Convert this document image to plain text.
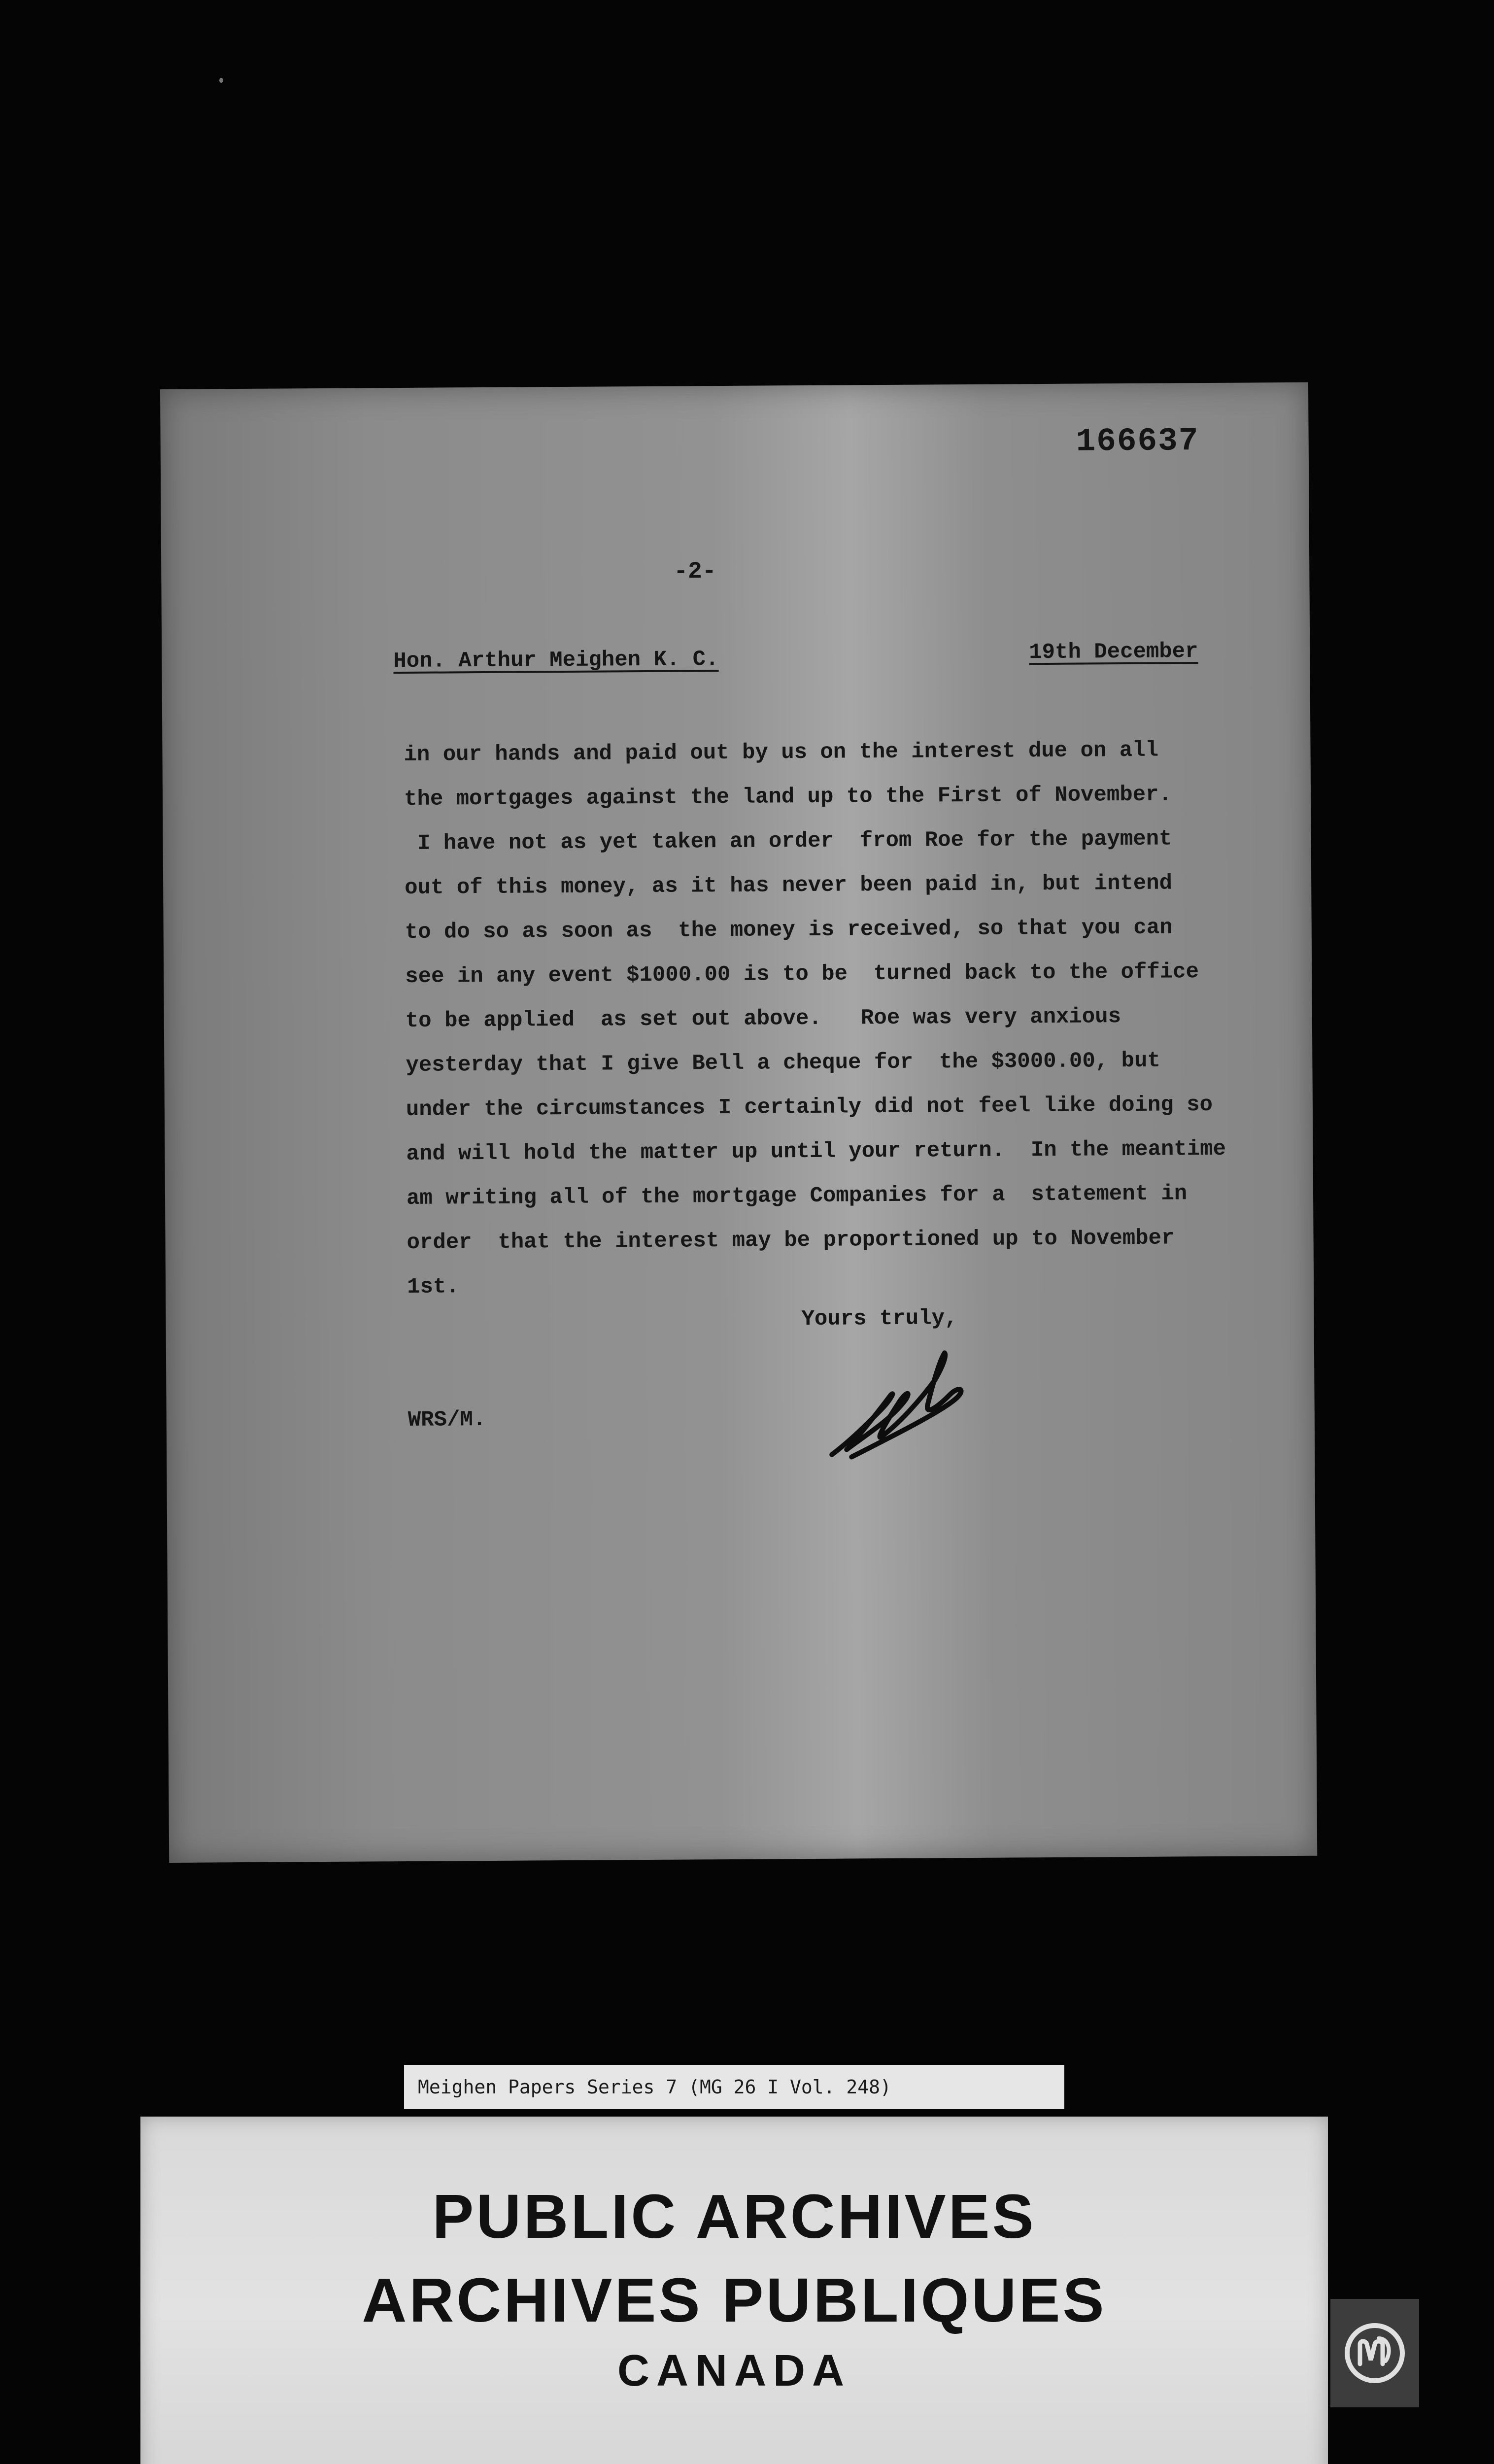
166637
-2-
Hon. Arthur Meighen K. C.	19th December
in our hands and paid out by us on the interest due on all
the mortgages against the land up to the First of November.
I have not as yet taken an order  from Roe for the payment
out of this money, as it has never been paid in, but intend
to do so as soon as  the money is received, so that you can
see in any event $1000.00 is to be  turned back to the office
to be applied  as set out above.   Roe was very anxious
yesterday that I give Bell a cheque for  the $3000.00, but
under the circumstances I certainly did not feel like doing so
and will hold the matter up until your return.  In the meantime
am writing all of the mortgage Companies for a  statement in
order  that the interest may be proportioned up to November
1st.
Yours truly,
WRS/M.
Meighen Papers Series 7 (MG 26 I Vol. 248)
PUBLIC ARCHIVES
ARCHIVES PUBLIQUES
CANADA
